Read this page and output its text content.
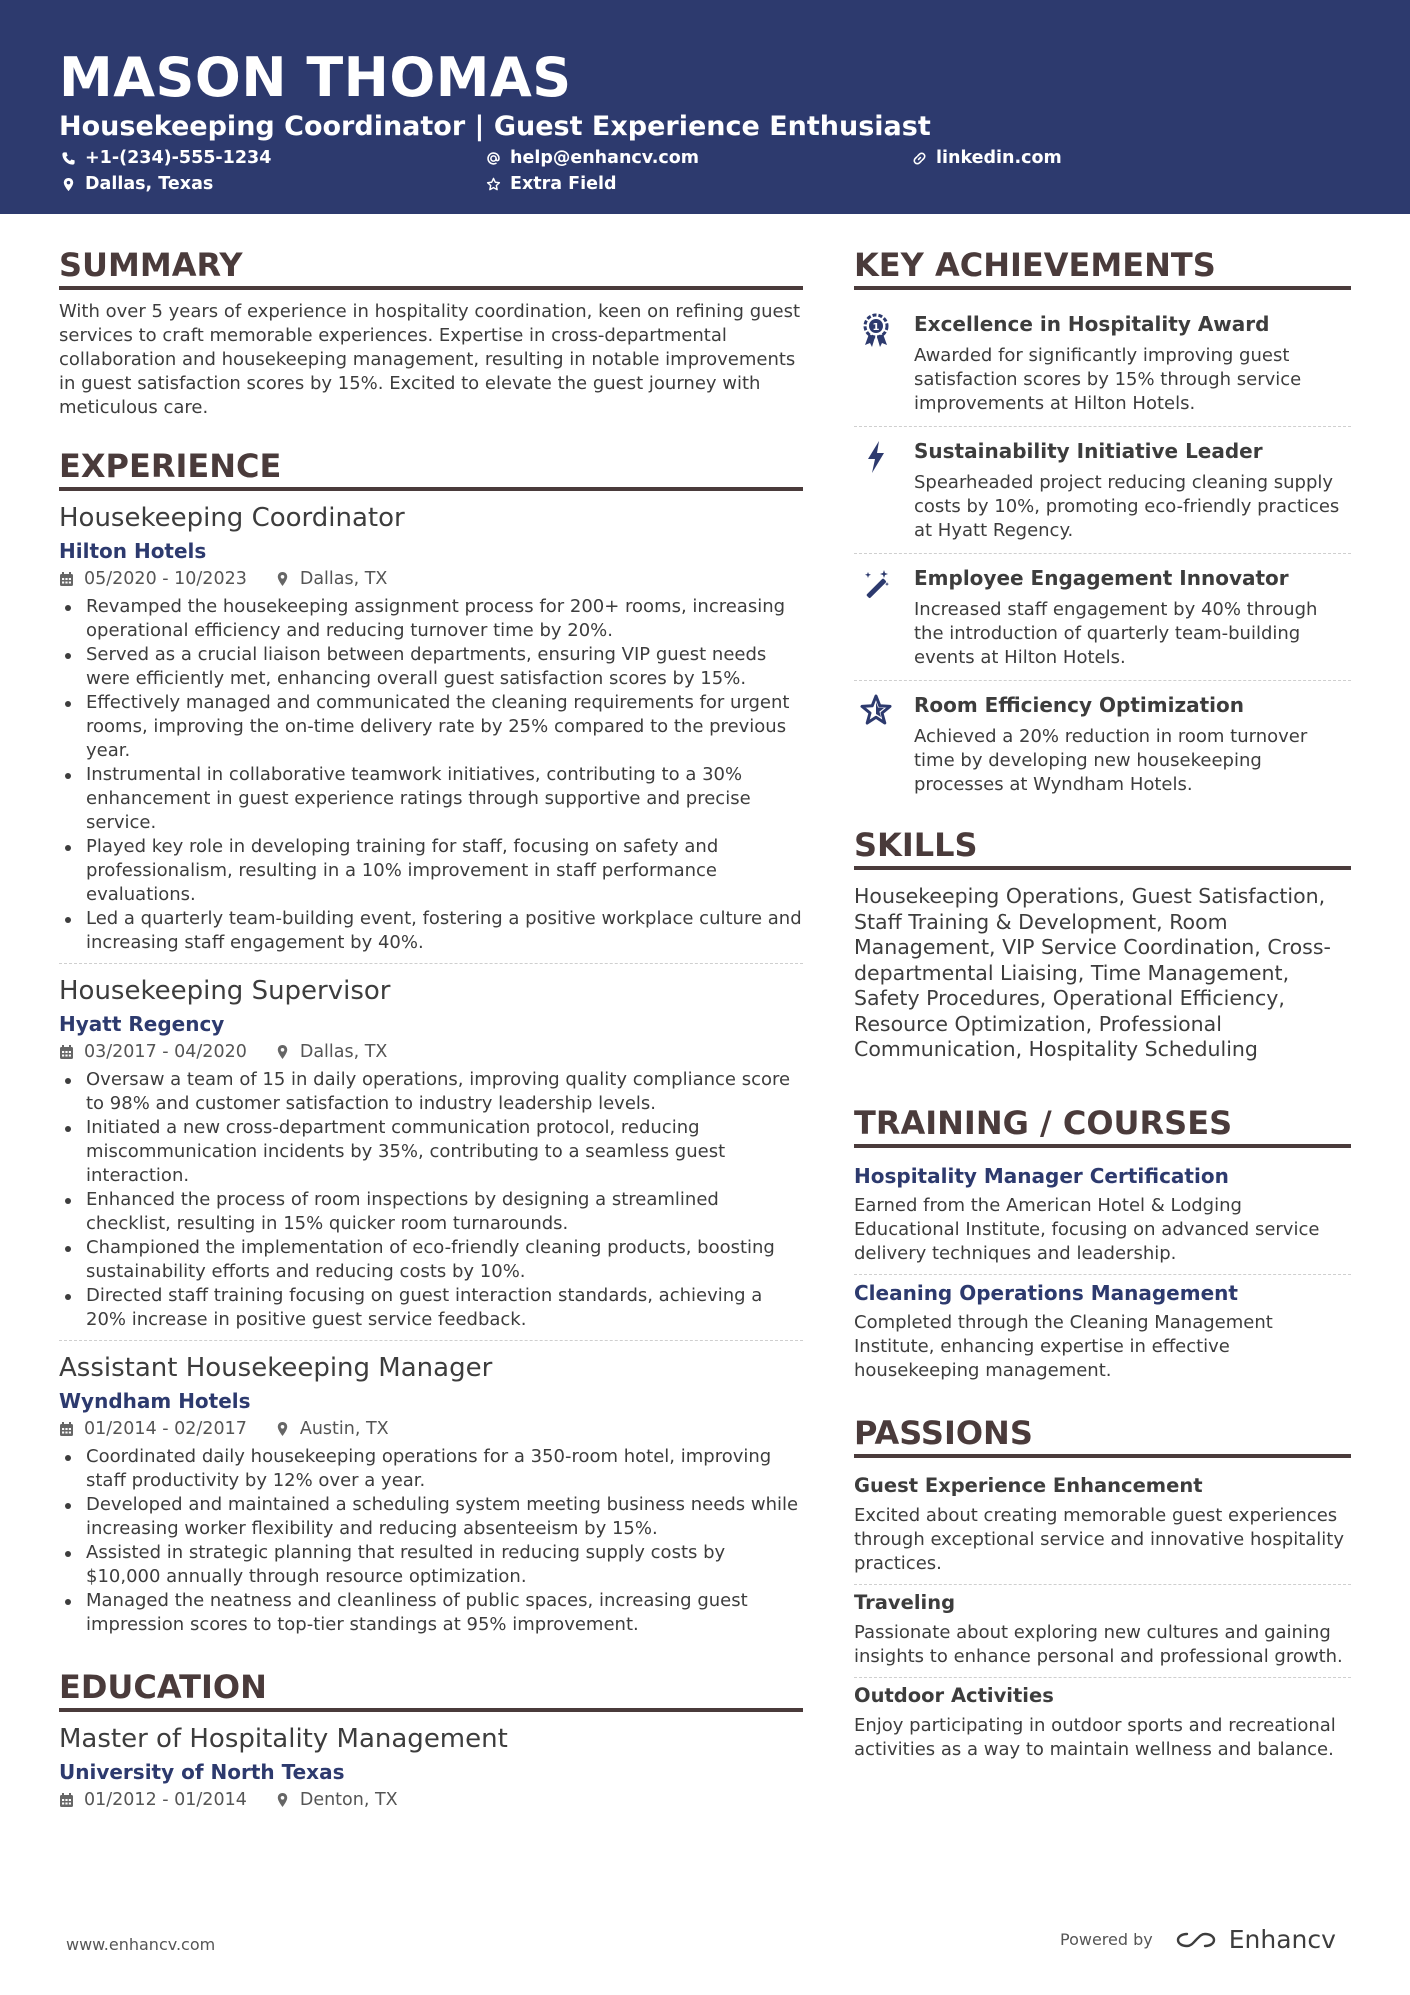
MASON THOMAS
Housekeeping Coordinator | Guest Experience Enthusiast
+1-(234)-555-1234	help@enhancv.com	linkedin.com
Dallas, Texas	Extra Field
SUMMARY
With over 5 years of experience in hospitality coordination, keen on refining guest services to craft memorable experiences. Expertise in cross-departmental collaboration and housekeeping management, resulting in notable improvements in guest satisfaction scores by 15%. Excited to elevate the guest journey with meticulous care.
EXPERIENCE
Housekeeping Coordinator
Hilton Hotels
05/2020 - 10/2023	Dallas, TX
Revamped the housekeeping assignment process for 200+ rooms, increasing operational efficiency and reducing turnover time by 20%.
Served as a crucial liaison between departments, ensuring VIP guest needs were efficiently met, enhancing overall guest satisfaction scores by 15%.
Effectively managed and communicated the cleaning requirements for urgent rooms, improving the on-time delivery rate by 25% compared to the previous year.
Instrumental in collaborative teamwork initiatives, contributing to a 30% enhancement in guest experience ratings through supportive and precise service.
Played key role in developing training for staff, focusing on safety and professionalism, resulting in a 10% improvement in staff performance evaluations.
Led a quarterly team-building event, fostering a positive workplace culture and increasing staff engagement by 40%.
Housekeeping Supervisor
Hyatt Regency
03/2017 - 04/2020	Dallas, TX
Oversaw a team of 15 in daily operations, improving quality compliance score to 98% and customer satisfaction to industry leadership levels.
Initiated a new cross-department communication protocol, reducing miscommunication incidents by 35%, contributing to a seamless guest interaction.
Enhanced the process of room inspections by designing a streamlined checklist, resulting in 15% quicker room turnarounds.
Championed the implementation of eco-friendly cleaning products, boosting sustainability efforts and reducing costs by 10%.
Directed staff training focusing on guest interaction standards, achieving a 20% increase in positive guest service feedback.
Assistant Housekeeping Manager
Wyndham Hotels
01/2014 - 02/2017	Austin, TX
Coordinated daily housekeeping operations for a 350-room hotel, improving staff productivity by 12% over a year.
Developed and maintained a scheduling system meeting business needs while increasing worker flexibility and reducing absenteeism by 15%.
Assisted in strategic planning that resulted in reducing supply costs by $10,000 annually through resource optimization.
Managed the neatness and cleanliness of public spaces, increasing guest impression scores to top-tier standings at 95% improvement.
EDUCATION
Master of Hospitality Management
University of North Texas
01/2012 - 01/2014	Denton, TX
KEY ACHIEVEMENTS
1 Excellence in Hospitality Award
Awarded for significantly improving guest satisfaction scores by 15% through service improvements at Hilton Hotels.
Sustainability Initiative Leader
Spearheaded project reducing cleaning supply costs by 10%, promoting eco-friendly practices at Hyatt Regency.
Employee Engagement Innovator
Increased staff engagement by 40% through the introduction of quarterly team-building events at Hilton Hotels.
Room Efficiency Optimization
Achieved a 20% reduction in room turnover time by developing new housekeeping processes at Wyndham Hotels.
SKILLS
Housekeeping Operations, Guest Satisfaction, Staff Training & Development, Room Management, VIP Service Coordination, Cross-departmental Liaising, Time Management, Safety Procedures, Operational Efficiency, Resource Optimization, Professional Communication, Hospitality Scheduling
TRAINING / COURSES
Hospitality Manager Certification
Earned from the American Hotel & Lodging Educational Institute, focusing on advanced service delivery techniques and leadership.
Cleaning Operations Management
Completed through the Cleaning Management Institute, enhancing expertise in effective housekeeping management.
PASSIONS
Guest Experience Enhancement
Excited about creating memorable guest experiences through exceptional service and innovative hospitality practices.
Traveling
Passionate about exploring new cultures and gaining insights to enhance personal and professional growth.
Outdoor Activities
Enjoy participating in outdoor sports and recreational activities as a way to maintain wellness and balance.
www.enhancv.com	Powered by	Enhancv
